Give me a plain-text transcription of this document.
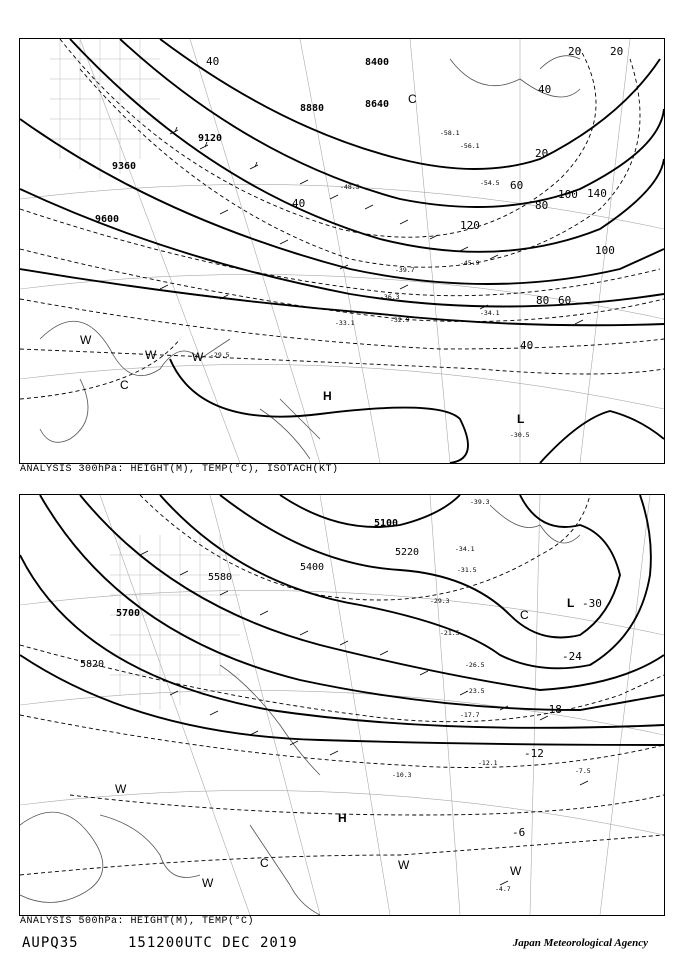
8400
8640
8880
9120
9360
9600
20	20
40
40
60
80
100
120
140
20
40
60
80
100
40
H
L
C
W
W	W
C
-30.5
-34.1
-32.9
-29.5
-45.9
-56.1
-58.1
-54.5
-48.5
-36.3
-33.1
-39.7
ANALYSIS 300hPa: HEIGHT(M), TEMP(°C), ISOTACH(KT)
5100
5220
5400
5580
5700
5820
-30
-24
-18
-12
-6
L
H
C
C
W
W	W
W
-39.3
-34.1
-31.5
-29.3
-26.5
-23.5
-21.5
-17.7
-12.1
-10.3	-7.5
-4.7
ANALYSIS 500hPa: HEIGHT(M), TEMP(°C)
AUPQ35	151200UTC DEC 2019	Japan Meteorological Agency
